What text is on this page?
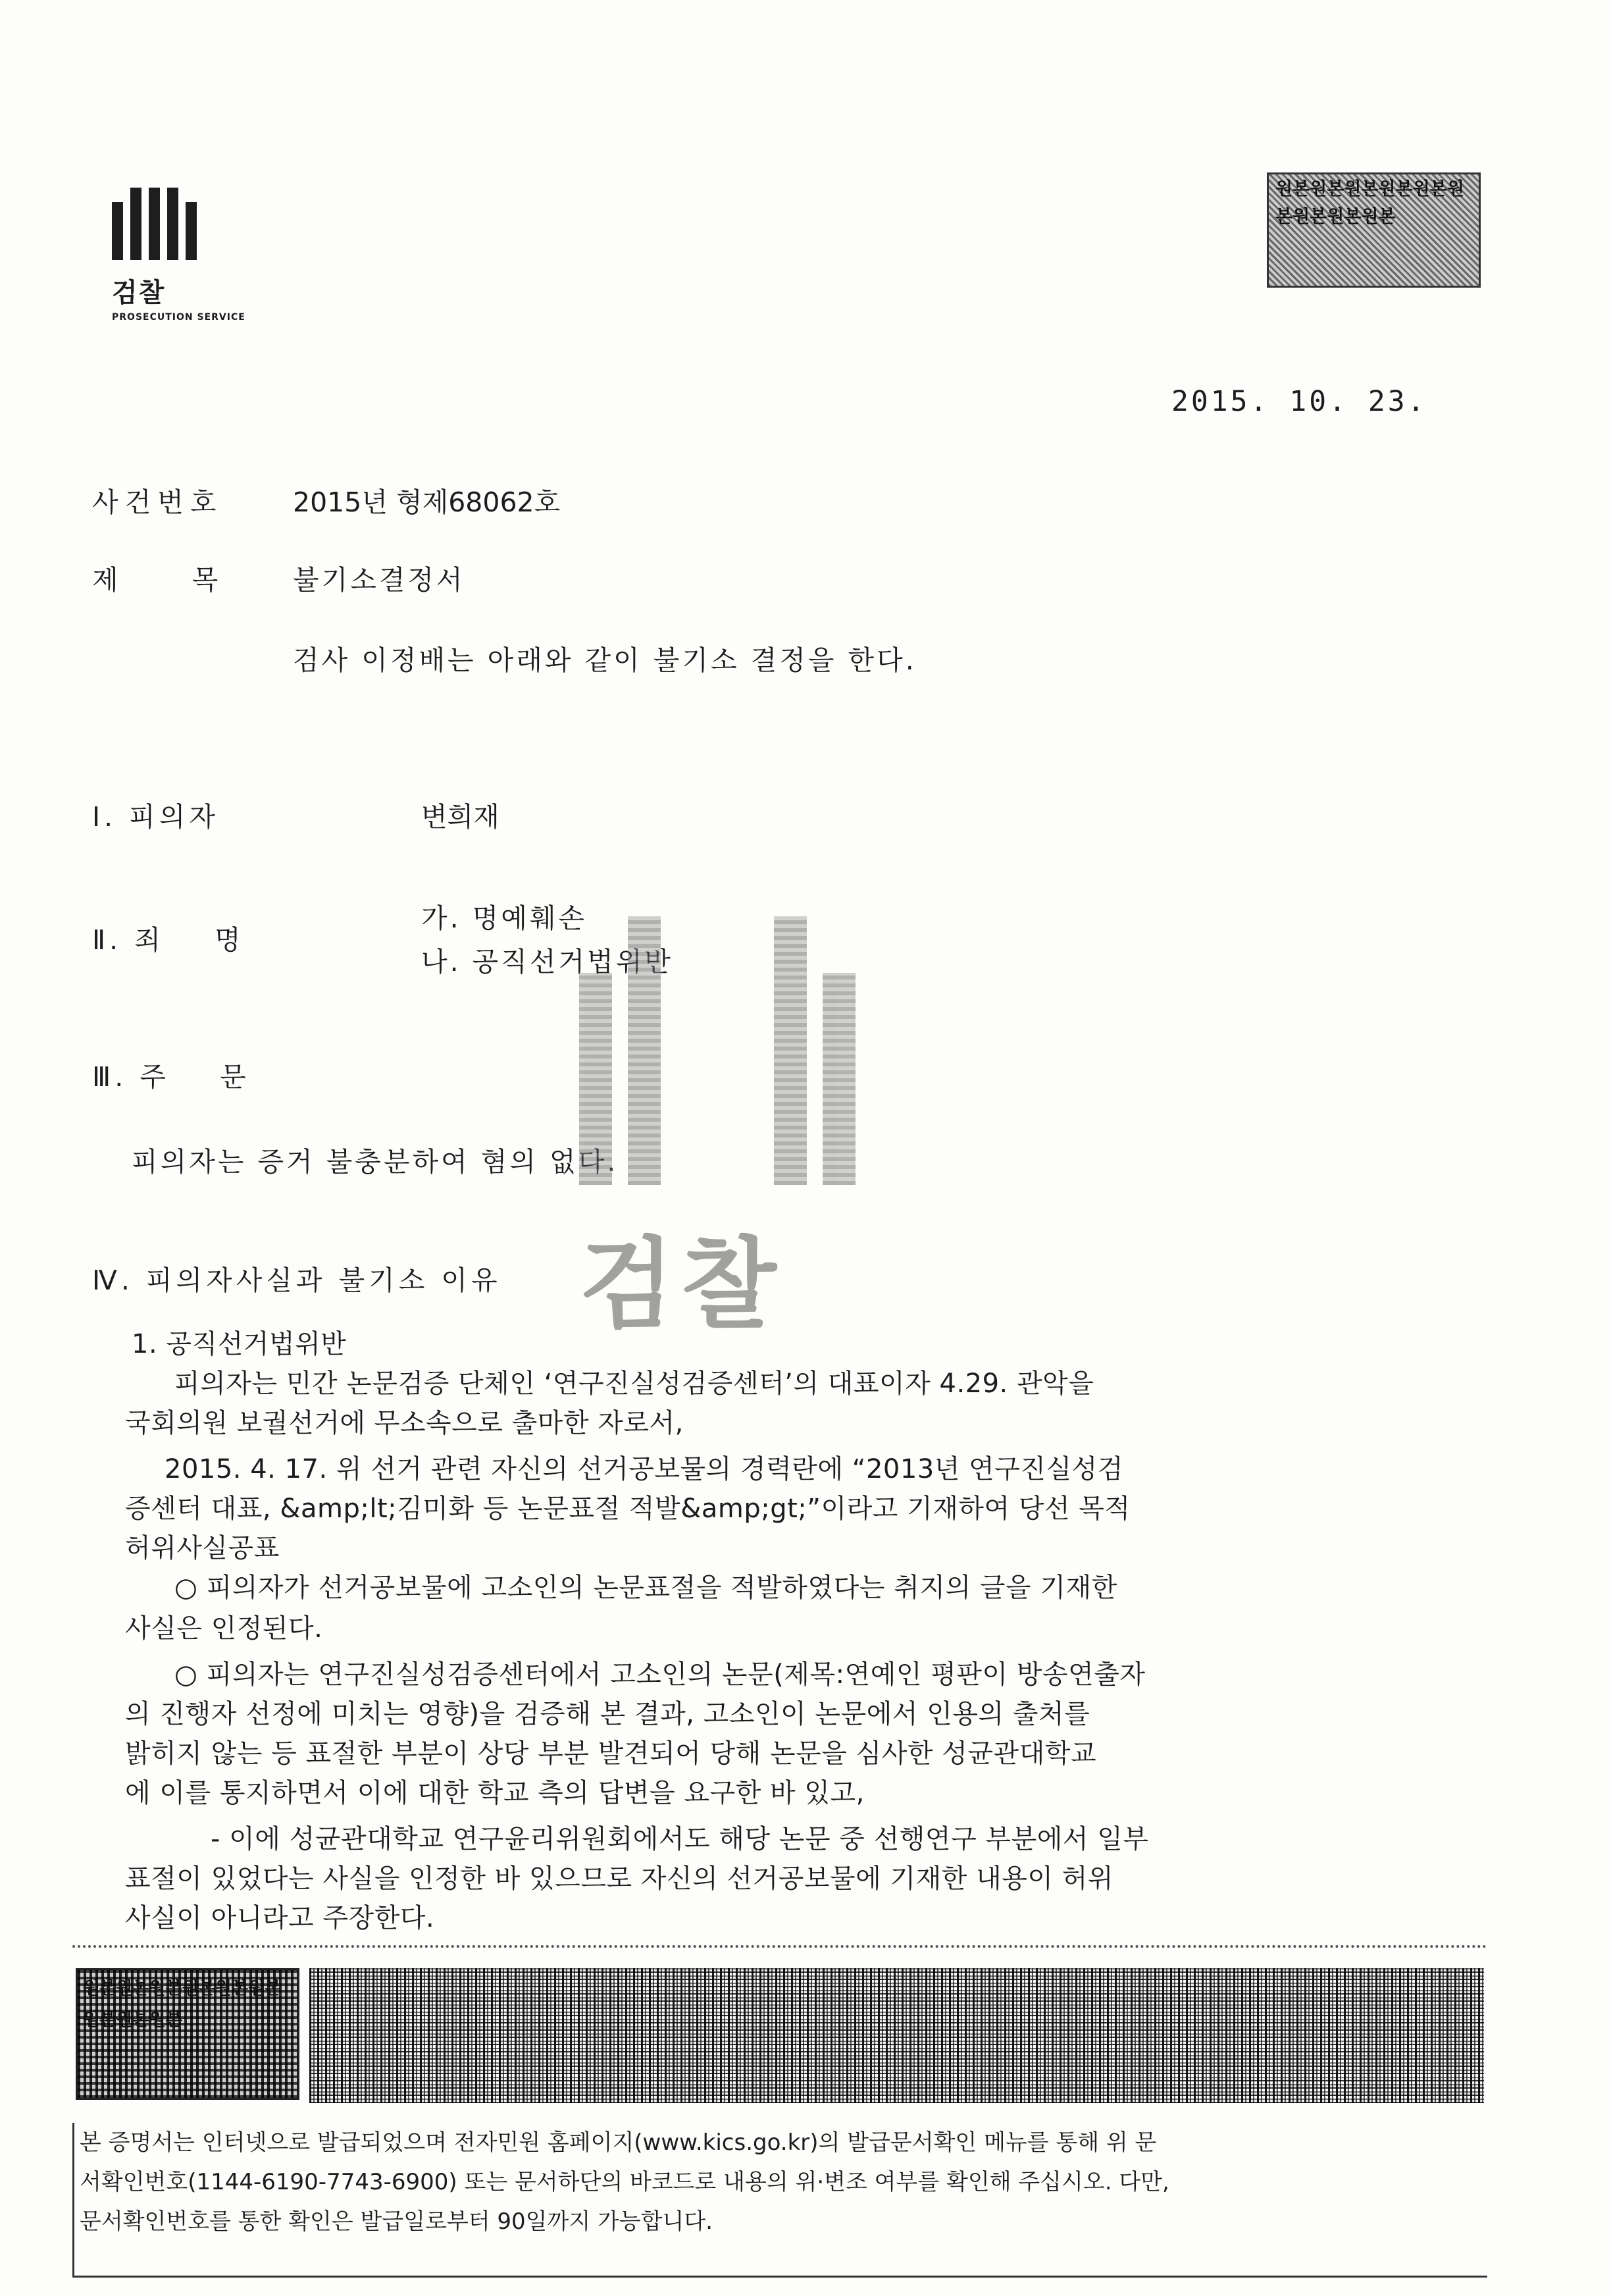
검찰
PROSECUTION SERVICE
원본원본원본원본원본원본원본원본원본
2015. 10. 23.
사건번호	2015년 형제68062호
제    목 불기소결정서
검사 이정배는 아래와 같이 불기소 결정을 한다.
Ⅰ. 피의자	변희재
Ⅱ. 죄    명
가. 명예훼손
나. 공직선거법위반
Ⅲ. 주    문
피의자는 증거 불충분하여 혐의 없다.
검찰
Ⅳ. 피의자사실과 불기소 이유
1. 공직선거법위반
피의자는 민간 논문검증 단체인 ‘연구진실성검증센터’의 대표이자 4.29. 관악을
국회의원 보궐선거에 무소속으로 출마한 자로서,
2015. 4. 17. 위 선거 관련 자신의 선거공보물의 경력란에 “2013년 연구진실성검
증센터 대표, &amp;lt;김미화 등 논문표절 적발&amp;gt;”이라고 기재하여 당선 목적
허위사실공표
○ 피의자가 선거공보물에 고소인의 논문표절을 적발하였다는 취지의 글을 기재한
사실은 인정된다.
○ 피의자는 연구진실성검증센터에서 고소인의 논문(제목:연예인 평판이 방송연출자
의 진행자 선정에 미치는 영향)을 검증해 본 결과, 고소인이 논문에서 인용의 출처를
밝히지 않는 등 표절한 부분이 상당 부분 발견되어 당해 논문을 심사한 성균관대학교
에 이를 통지하면서 이에 대한 학교 측의 답변을 요구한 바 있고,
- 이에 성균관대학교 연구윤리위원회에서도 해당 논문 중 선행연구 부분에서 일부
표절이 있었다는 사실을 인정한 바 있으므로 자신의 선거공보물에 기재한 내용이 허위
사실이 아니라고 주장한다.
원본원본원본원본원본원본원본원본원본
본 증명서는 인터넷으로 발급되었으며 전자민원 홈페이지(www.kics.go.kr)의 발급문서확인 메뉴를 통해 위 문
서확인번호(1144-6190-7743-6900) 또는 문서하단의 바코드로 내용의 위·변조 여부를 확인해 주십시오. 다만,
문서확인번호를 통한 확인은 발급일로부터 90일까지 가능합니다.
